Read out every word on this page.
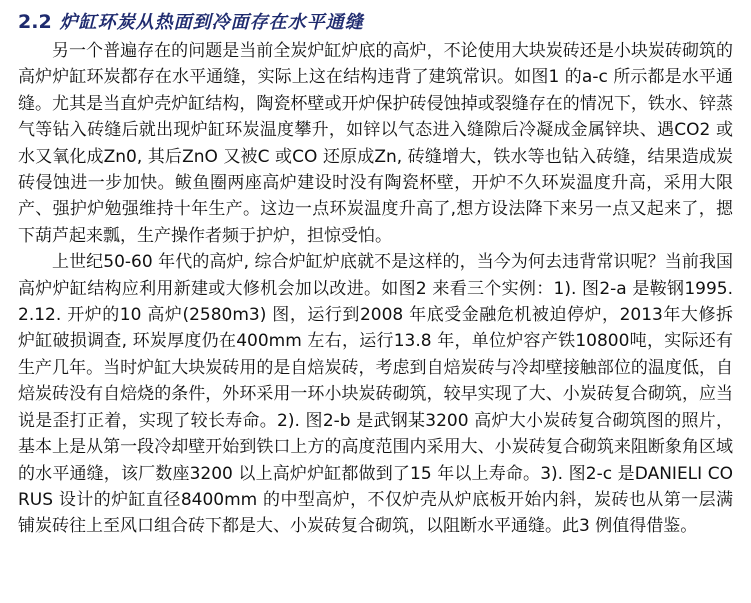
2.2 炉缸环炭从热面到冷面存在水平通缝

另一个普遍存在的问题是当前全炭炉缸炉底的高炉，不论使用大块炭砖还是小块炭砖砌筑的高炉炉缸环炭都存在水平通缝，实际上这在结构违背了建筑常识。如图1 的a-c 所示都是水平通缝。尤其是当直炉壳炉缸结构，陶瓷杯壁或开炉保护砖侵蚀掉或裂缝存在的情况下，铁水、锌蒸气等钻入砖缝后就出现炉缸环炭温度攀升，如锌以气态进入缝隙后冷凝成金属锌块、遇CO2 或水又氧化成Zn0, 其后ZnO 又被C 或CO 还原成Zn, 砖缝增大，铁水等也钻入砖缝，结果造成炭砖侵蚀进一步加快。鲅鱼圈两座高炉建设时没有陶瓷杯壁，开炉不久环炭温度升高，采用大限产、强护炉勉强维持十年生产。这边一点环炭温度升高了,想方设法降下来另一点又起来了，摁下葫芦起来瓢，生产操作者频于护炉，担惊受怕。

上世纪50-60 年代的高炉, 综合炉缸炉底就不是这样的，当今为何去违背常识呢？当前我国高炉炉缸结构应利用新建或大修机会加以改进。如图2 来看三个实例：1). 图2-a 是鞍钢1995.2.12. 开炉的10 高炉(2580m3) 图，运行到2008 年底受金融危机被迫停炉，2013年大修拆炉缸破损调查, 环炭厚度仍在400mm 左右，运行13.8 年，单位炉容产铁10800吨，实际还有生产几年。当时炉缸大块炭砖用的是自焙炭砖，考虑到自焙炭砖与冷却壁接触部位的温度低，自焙炭砖没有自焙烧的条件，外环采用一环小块炭砖砌筑，较早实现了大、小炭砖复合砌筑，应当说是歪打正着，实现了较长寿命。2). 图2-b 是武钢某3200 高炉大小炭砖复合砌筑图的照片，基本上是从第一段冷却壁开始到铁口上方的高度范围内采用大、小炭砖复合砌筑来阻断象角区域的水平通缝，该厂数座3200 以上高炉炉缸都做到了15 年以上寿命。3). 图2-c 是DANIELI CORUS 设计的炉缸直径8400mm 的中型高炉，不仅炉壳从炉底板开始内斜，炭砖也从第一层满铺炭砖往上至风口组合砖下都是大、小炭砖复合砌筑，以阻断水平通缝。此3 例值得借鉴。
